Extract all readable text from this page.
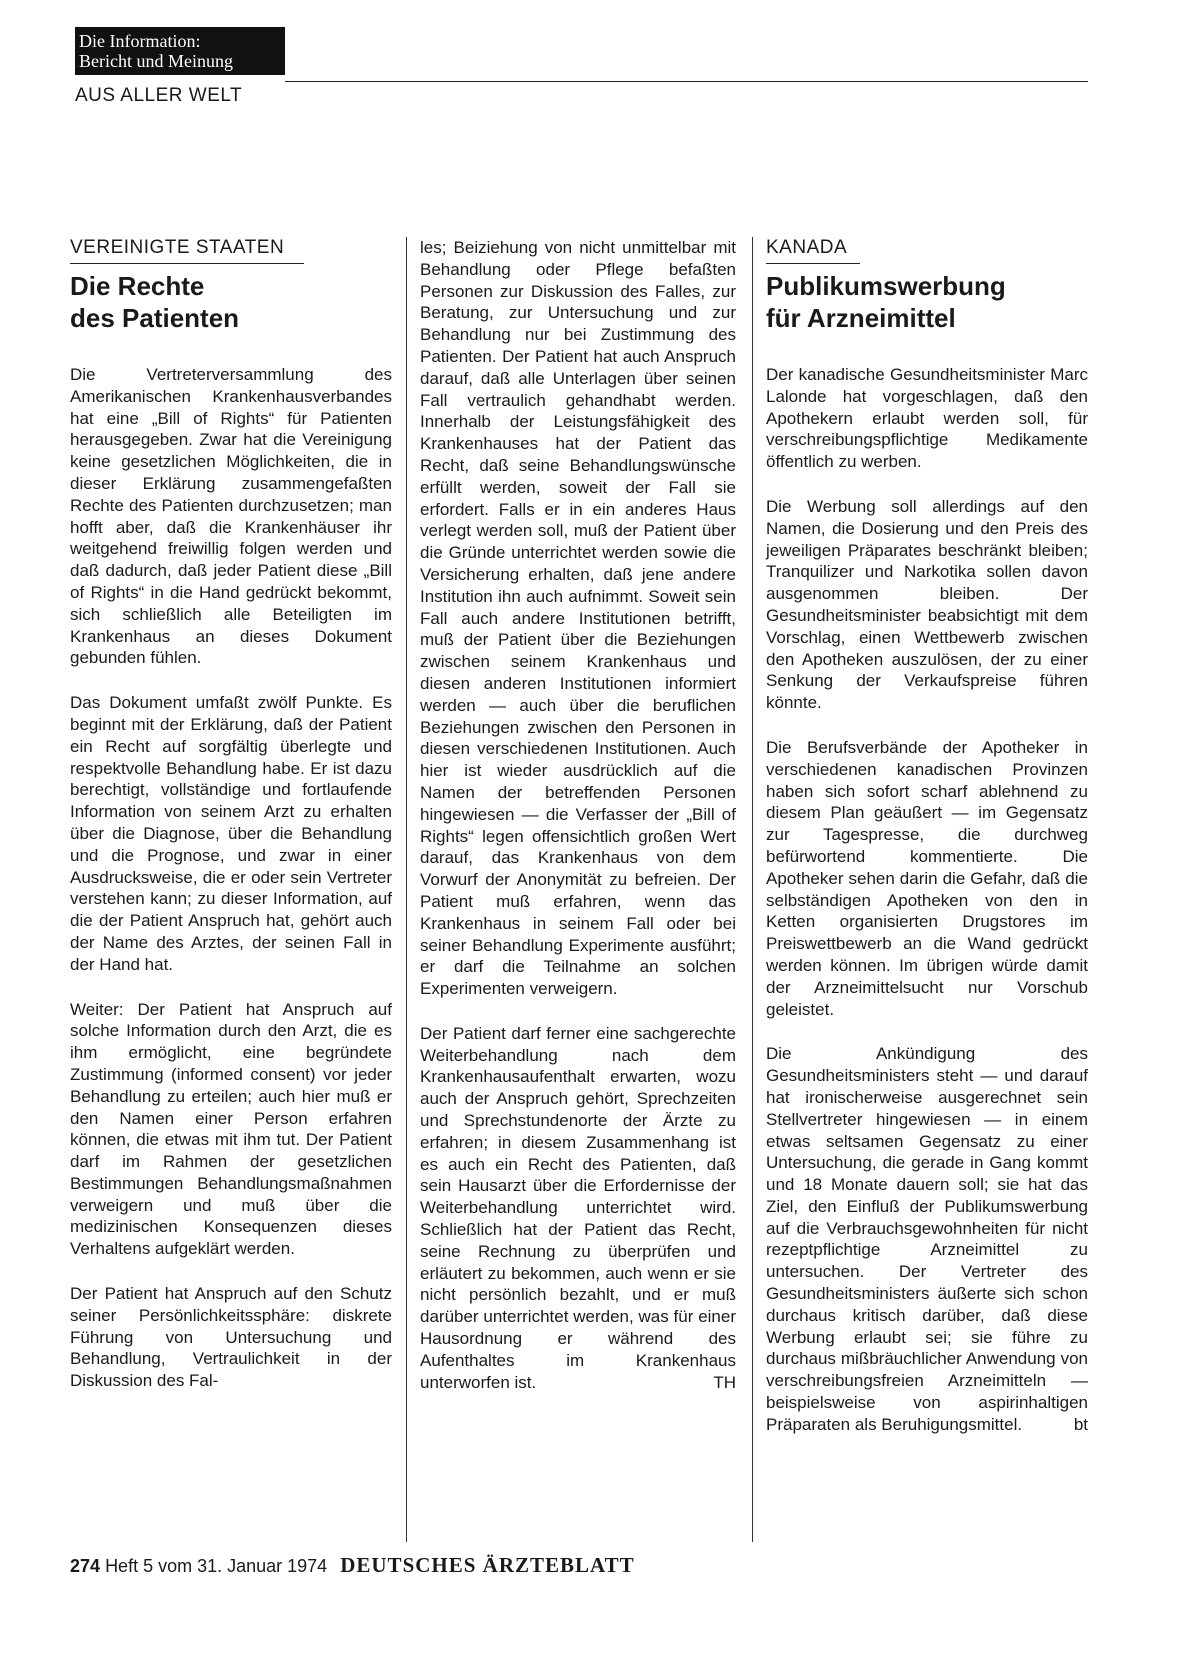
Die Information:
Bericht und Meinung
AUS ALLER WELT
VEREINIGTE STAATEN
Die Rechte
des Patienten

Die Vertreterversammlung des Amerikanischen Krankenhausverbandes hat eine „Bill of Rights“ für Patienten herausgegeben. Zwar hat die Vereinigung keine gesetzlichen Möglichkeiten, die in dieser Erklärung zusammengefaßten Rechte des Patienten durchzusetzen; man hofft aber, daß die Krankenhäuser ihr weitgehend freiwillig folgen werden und daß dadurch, daß jeder Patient diese „Bill of Rights“ in die Hand gedrückt bekommt, sich schließlich alle Beteiligten im Krankenhaus an dieses Dokument gebunden fühlen.

Das Dokument umfaßt zwölf Punkte. Es beginnt mit der Erklärung, daß der Patient ein Recht auf sorgfältig überlegte und respektvolle Behandlung habe. Er ist dazu berechtigt, vollständige und fortlaufende Information von seinem Arzt zu erhalten über die Diagnose, über die Behandlung und die Prognose, und zwar in einer Ausdrucksweise, die er oder sein Vertreter verstehen kann; zu dieser Information, auf die der Patient Anspruch hat, gehört auch der Name des Arztes, der seinen Fall in der Hand hat.

Weiter: Der Patient hat Anspruch auf solche Information durch den Arzt, die es ihm ermöglicht, eine begründete Zustimmung (informed consent) vor jeder Behandlung zu erteilen; auch hier muß er den Namen einer Person erfahren können, die etwas mit ihm tut. Der Patient darf im Rahmen der gesetzlichen Bestimmungen Behandlungsmaßnahmen verweigern und muß über die medizinischen Konsequenzen dieses Verhaltens aufgeklärt werden.

Der Patient hat Anspruch auf den Schutz seiner Persönlichkeitssphäre: diskrete Führung von Untersuchung und Behandlung, Vertraulichkeit in der Diskussion des Fal-

les; Beiziehung von nicht unmittelbar mit Behandlung oder Pflege befaßten Personen zur Diskussion des Falles, zur Beratung, zur Untersuchung und zur Behandlung nur bei Zustimmung des Patienten. Der Patient hat auch Anspruch darauf, daß alle Unterlagen über seinen Fall vertraulich gehandhabt werden. Innerhalb der Leistungsfähigkeit des Krankenhauses hat der Patient das Recht, daß seine Behandlungswünsche erfüllt werden, soweit der Fall sie erfordert. Falls er in ein anderes Haus verlegt werden soll, muß der Patient über die Gründe unterrichtet werden sowie die Versicherung erhalten, daß jene andere Institution ihn auch aufnimmt. Soweit sein Fall auch andere Institutionen betrifft, muß der Patient über die Beziehungen zwischen seinem Krankenhaus und diesen anderen Institutionen informiert werden — auch über die beruflichen Beziehungen zwischen den Personen in diesen verschiedenen Institutionen. Auch hier ist wieder ausdrücklich auf die Namen der betreffenden Personen hingewiesen — die Verfasser der „Bill of Rights“ legen offensichtlich großen Wert darauf, das Krankenhaus von dem Vorwurf der Anonymität zu befreien. Der Patient muß erfahren, wenn das Krankenhaus in seinem Fall oder bei seiner Behandlung Experimente ausführt; er darf die Teilnahme an solchen Experimenten verweigern.

Der Patient darf ferner eine sachgerechte Weiterbehandlung nach dem Krankenhausaufenthalt erwarten, wozu auch der Anspruch gehört, Sprechzeiten und Sprechstundenorte der Ärzte zu erfahren; in diesem Zusammenhang ist es auch ein Recht des Patienten, daß sein Hausarzt über die Erfordernisse der Weiterbehandlung unterrichtet wird. Schließlich hat der Patient das Recht, seine Rechnung zu überprüfen und erläutert zu bekommen, auch wenn er sie nicht persönlich bezahlt, und er muß darüber unterrichtet werden, was für einer Hausordnung er während des Aufenthaltes im Krankenhaus unterworfen ist.	TH

KANADA
Publikumswerbung
für Arzneimittel

Der kanadische Gesundheitsminister Marc Lalonde hat vorgeschlagen, daß den Apothekern erlaubt werden soll, für verschreibungspflichtige Medikamente öffentlich zu werben.

Die Werbung soll allerdings auf den Namen, die Dosierung und den Preis des jeweiligen Präparates beschränkt bleiben; Tranquilizer und Narkotika sollen davon ausgenommen bleiben. Der Gesundheitsminister beabsichtigt mit dem Vorschlag, einen Wettbewerb zwischen den Apotheken auszulösen, der zu einer Senkung der Verkaufspreise führen könnte.

Die Berufsverbände der Apotheker in verschiedenen kanadischen Provinzen haben sich sofort scharf ablehnend zu diesem Plan geäußert — im Gegensatz zur Tagespresse, die durchweg befürwortend kommentierte. Die Apotheker sehen darin die Gefahr, daß die selbständigen Apotheken von den in Ketten organisierten Drugstores im Preiswettbewerb an die Wand gedrückt werden können. Im übrigen würde damit der Arzneimittelsucht nur Vorschub geleistet.

Die Ankündigung des Gesundheitsministers steht — und darauf hat ironischerweise ausgerechnet sein Stellvertreter hingewiesen — in einem etwas seltsamen Gegensatz zu einer Untersuchung, die gerade in Gang kommt und 18 Monate dauern soll; sie hat das Ziel, den Einfluß der Publikumswerbung auf die Verbrauchsgewohnheiten für nicht rezeptpflichtige Arzneimittel zu untersuchen. Der Vertreter des Gesundheitsministers äußerte sich schon durchaus kritisch darüber, daß diese Werbung erlaubt sei; sie führe zu durchaus mißbräuchlicher Anwendung von verschreibungsfreien Arzneimitteln — beispielsweise von aspirinhaltigen Präparaten als Beruhigungsmittel.	bt

274 Heft 5 vom 31. Januar 1974 DEUTSCHES ÄRZTEBLATT
